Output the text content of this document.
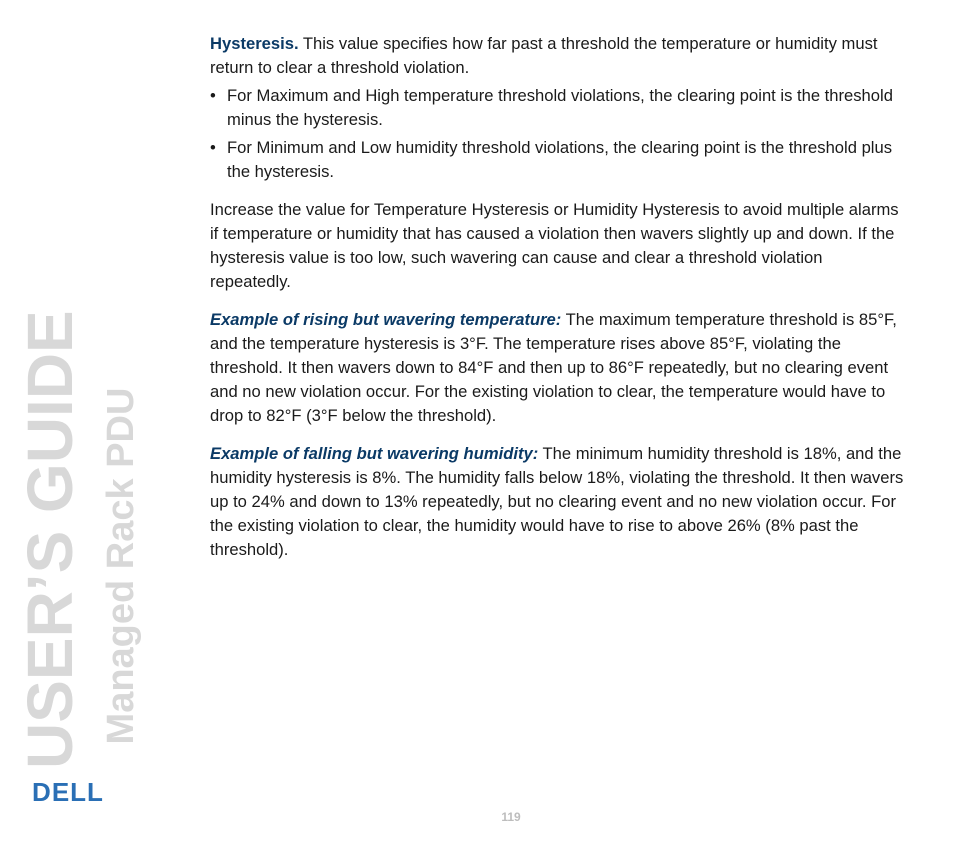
USER’S GUIDE Managed Rack PDU
DELL

Hysteresis. This value specifies how far past a threshold the temperature or humidity must return to clear a threshold violation.

• For Maximum and High temperature threshold violations, the clearing point is the threshold minus the hysteresis.
• For Minimum and Low humidity threshold violations, the clearing point is the threshold plus the hysteresis.

Increase the value for Temperature Hysteresis or Humidity Hysteresis to avoid multiple alarms if temperature or humidity that has caused a violation then wavers slightly up and down. If the hysteresis value is too low, such wavering can cause and clear a threshold violation repeatedly.

Example of rising but wavering temperature: The maximum temperature threshold is 85°F, and the temperature hysteresis is 3°F. The temperature rises above 85°F, violating the threshold. It then wavers down to 84°F and then up to 86°F repeatedly, but no clearing event and no new violation occur. For the existing violation to clear, the temperature would have to drop to 82°F (3°F below the threshold).

Example of falling but wavering humidity: The minimum humidity threshold is 18%, and the humidity hysteresis is 8%. The humidity falls below 18%, violating the threshold. It then wavers up to 24% and down to 13% repeatedly, but no clearing event and no new violation occur. For the existing violation to clear, the humidity would have to rise to above 26% (8% past the threshold).

119
